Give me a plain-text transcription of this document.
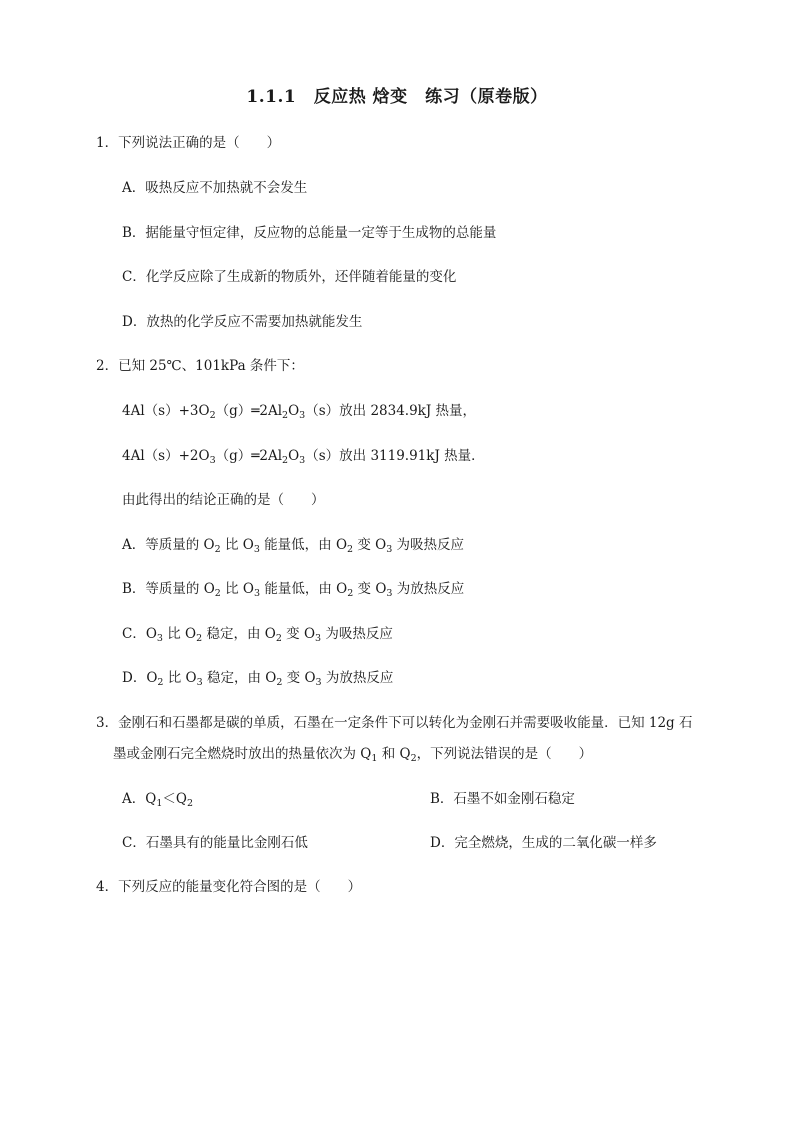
1.1.1　反应热 焓变　练习（原卷版）
1．下列说法正确的是（　　）
A．吸热反应不加热就不会发生
B．据能量守恒定律，反应物的总能量一定等于生成物的总能量
C．化学反应除了生成新的物质外，还伴随着能量的变化
D．放热的化学反应不需要加热就能发生
2．已知 25℃、101kPa 条件下：
$4Al(s)+3O_2(g)═2Al_2O_3(s)$放出 2834.9kJ 热量，
$4Al(s)+2O_3(g)═2Al_2O_3(s)$放出 3119.91kJ 热量．
由此得出的结论正确的是（　　）
A．等质量的 $O_2$ 比 $O_3$ 能量低，由 $O_2$ 变 $O_3$ 为吸热反应
B．等质量的 $O_2$ 比 $O_3$ 能量低，由 $O_2$ 变 $O_3$ 为放热反应
C．$O_3$ 比 $O_2$ 稳定，由 $O_2$ 变 $O_3$ 为吸热反应
D．$O_2$ 比 $O_3$ 稳定，由 $O_2$ 变 $O_3$ 为放热反应
3．金刚石和石墨都是碳的单质，石墨在一定条件下可以转化为金刚石并需要吸收能量．已知 12g 石
墨或金刚石完全燃烧时放出的热量依次为 $Q_1$ 和 $Q_2$，下列说法错误的是（　　）
A．$Q_1<Q_2$	B．石墨不如金刚石稳定
C．石墨具有的能量比金刚石低	D．完全燃烧，生成的二氧化碳一样多
4．下列反应的能量变化符合图的是（　　）
